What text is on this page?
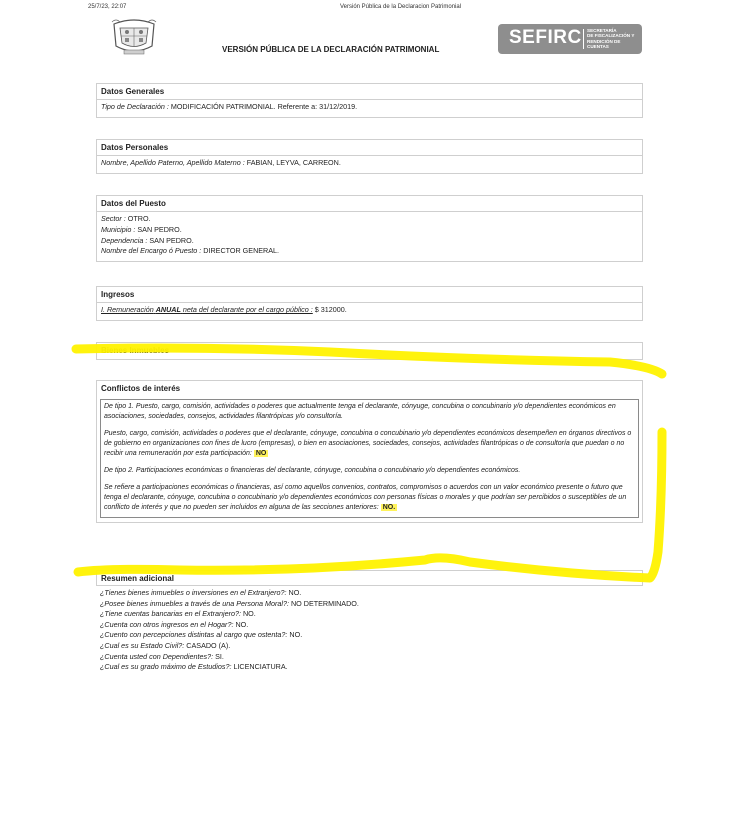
25/7/23, 22:07	Versión Pública de la Declaracion Patrimonial
VERSIÓN PÚBLICA DE LA DECLARACIÓN PATRIMONIAL
SEFIRC SECRETARÍA
DE FISCALIZACIÓN Y
RENDICIÓN DE CUENTAS
Datos Generales
Tipo de Declaración : MODIFICACIÓN PATRIMONIAL. Referente a: 31/12/2019.
Datos Personales
Nombre, Apellido Paterno, Apellido Materno : FABIAN, LEYVA, CARREON.
Datos del Puesto
Sector : OTRO.
Municipio : SAN PEDRO.
Dependencia : SAN PEDRO.
Nombre del Encargo ó Puesto : DIRECTOR GENERAL.
Ingresos
I. Remuneración ANUAL neta del declarante por el cargo público : $ 312000.
Bienes Inmuebles
Conflictos de interés

De tipo 1. Puesto, cargo, comisión, actividades o poderes que actualmente tenga el declarante, cónyuge, concubina o concubinario y/o dependientes económicos en asociaciones, sociedades, consejos, actividades filantrópicas y/o consultoría.

Puesto, cargo, comisión, actividades o poderes que el declarante, cónyuge, concubina o concubinario y/o dependientes económicos desempeñen en órganos directivos o de gobierno en organizaciones con fines de lucro (empresas), o bien en asociaciones, sociedades, consejos, actividades filantrópicas o de consultoría que puedan o no recibir una remuneración por esta participación: NO

De tipo 2. Participaciones económicas o financieras del declarante, cónyuge, concubina o concubinario y/o dependientes económicos.

Se refiere a participaciones económicas o financieras, así como aquellos convenios, contratos, compromisos o acuerdos con un valor económico presente o futuro que tenga el declarante, cónyuge, concubina o concubinario y/o dependientes económicos con personas físicas o morales y que podrían ser percibidos o susceptibles de un conflicto de interés y que no pueden ser incluidos en alguna de las secciones anteriores: NO.

Resumen adicional
¿Tienes bienes inmuebles o inversiones en el Extranjero?: NO.
¿Posee bienes inmuebles a través de una Persona Moral?: NO DETERMINADO.
¿Tiene cuentas bancarias en el Extranjero?: NO.
¿Cuenta con otros ingresos en el Hogar?: NO.
¿Cuento con percepciones distintas al cargo que ostenta?: NO.
¿Cual es su Estado Civil?: CASADO (A).
¿Cuenta usted con Dependientes?: SI.
¿Cual es su grado máximo de Estudios?: LICENCIATURA.
